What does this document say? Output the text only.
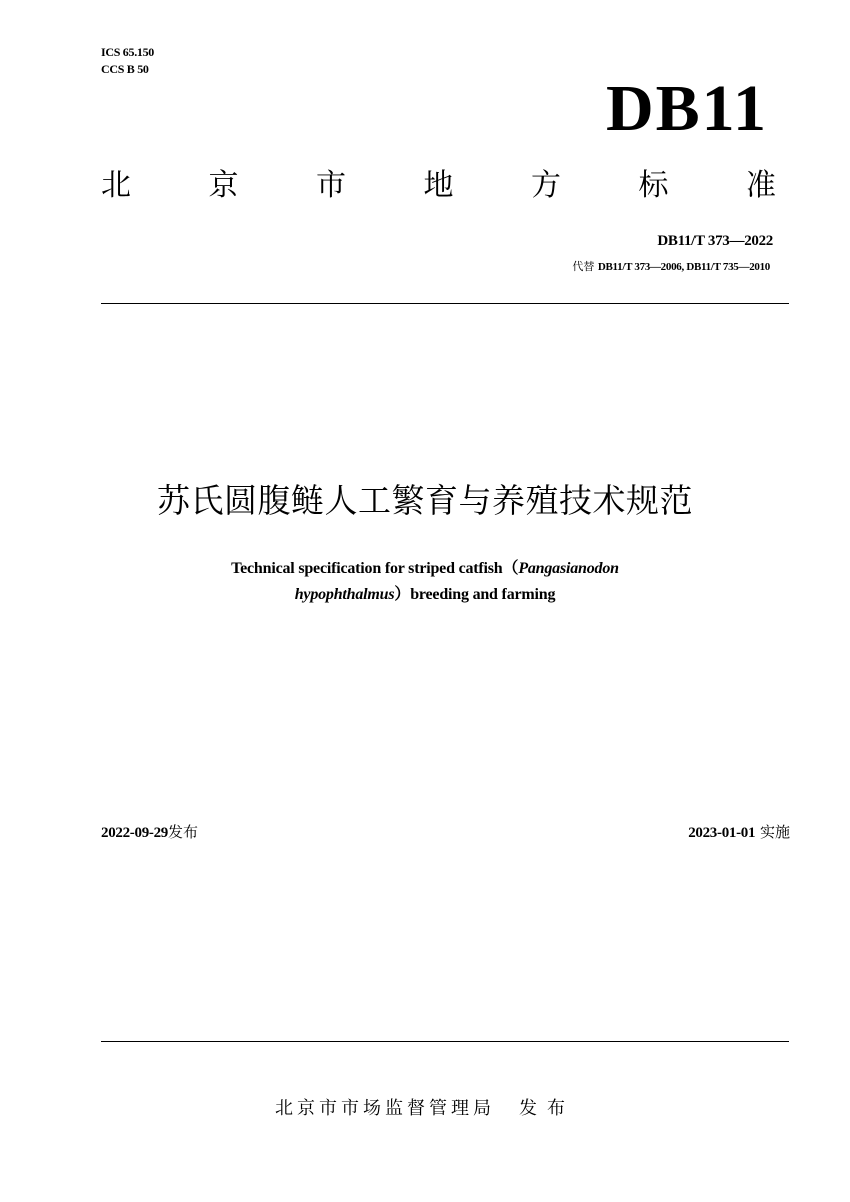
ICS 65.150
CCS B 50
DB11
北	京	市	地	方	标	准
DB11/T 373—2022
代替 DB11/T 373—2006, DB11/T 735—2010
苏氏圆腹鲢人工繁育与养殖技术规范
Technical specification for striped catfish（Pangasianodon
hypophthalmus）breeding and farming
2022-09-29发布	2023-01-01 实施
北京市市场监督管理局 发布
